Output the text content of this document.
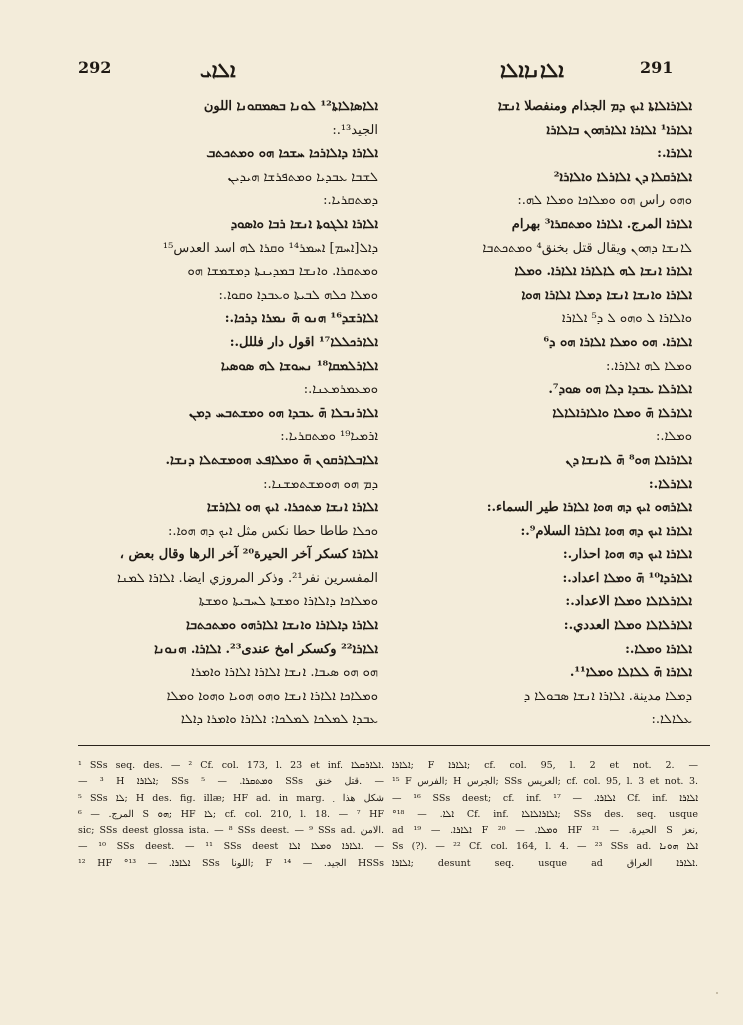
292	ܐܠܐܝ	ܐܠܐܢܐܐܠܐ	291
ܐܠܐܣܐܠܐܬܐ¹² ܠܘܢܐ ܒܣܡܩܘܢܐ اللون
الجيد¹³.:
ܐܠܐܪܐ ܕܐܠܐܪܟܐ ܚܫܟܐ ܗܘ ܘܡܬܟܬܒ
ܠܫܒܐ ܥܒܕܝܐ ܘܡܬܦܪܫܐ ܗܝܕܝܢ
ܕܡܬܩܪܝܐ.:
ܐܠܐܪܐ ܐܠܓܘܬܐ ܐܢܫܐ ܪܒܐ ܘܐܣܘܕ
ܕܐܠ[ܐܚܡ] ܐܚܡܪ¹⁴ ܘܩܪܐ ܠܗ اسد العدس¹⁵
ܘܡܬܩܪܐ. ܘܐܢܫܐ ܒܡܕܝܢܬܐ ܕܡܫܡܫܐ ܗܘ
ܘܡܠܐ ܟܠܗ ܠܒܝܬܐ ܘܥܒܕܐ ܘܩܘܐ.:
ܐܠܐܪܫܕ¹⁶ ܗܢܘ ܗ̄ ܢܡܪܐ ܕܪܟܐ.:
ܐܠܐܪܟܠܠܐ¹⁷ اقول دار فللل.:
ܐܠܐܪܠܡܩܐ¹⁸ ܢܚܘܫܐ ܠܗ ܣܘܣܝܐ
ܘܡܥܡܪܡܥܢܐ.:
ܐܠܐܪܢܒܠܐ ܗ̄ ܥܒܕܐ ܗܘ ܘܡܫܬܒܚ ܕܡܢ
ܐܪܡܝܐ¹⁹ ܘܡܬܩܪܝܐ.:
ܐܠܐܒܠܐܪܩܘܢ ܗ̄ ܘܡܠܐܦܥ ܗܘܡܫܬܠܐ ܕܢܫܐ.
ܕܡ ܗܘ ܗܘܡܫܬܡܫܢܐ.:
ܐܠܐܪܐ ܐܢܫܐ ܡܬܟܪܐ. ܐܝܟ ܗܘ ܐܠܐܪܫܐ
ܘܟܠܐ طاطا حطا نكس مثل ܐܝܟ ܕܗ ܗܘܐ.:
ܐܠܐܪܐ كسكر آخر الحيرة²⁰ آخر الرها وقال بعض ،
المفسرين نفر²¹. وذكر المروزي ايضا. ܐܠܐܪܐ ܠܡܢܐ
ܘܡܠܐܟܐ ܕܐܠܐܪܐ ܘܡܫܬܐ ܠܚܒܝܬܐ ܘܡܫܬܐ
ܐܠܐܪܐ ܕܐܠܐܪܐ ܘܐܢܫܐ ܐܠܐܪܗܘ ܘܡܬܟܬܒܐ
ܐܠܐܪܐ²² وكسكر امخ عندى²³. ܐܠܐܪܐ. ܗܢܘܢܐ
ܗܘ ܗܘ ܣܝܒܐ. ܐܢܫܐ ܐܠܐܪܐ ܐܠܐܪܐ ܘܐܡܪܐ
ܘܡܠܐܟܐ ܐܠܐܪܐ ܐܢܫܐ ܘܗܘ ܗܘܝܐ ܘܗܘܐ ܘܡܠܐ
ܥܒܕܐ ܠܡܠܟܐ ܠܡܠܟܐ: ܐܠܐܪܐ ܘܐܡܪܐ ܕܐܠܐ
ܐܠܐܪܐܠܐܬܐ ܐܝܟ ܕܡ الجذام ومنفصلا ܐܢܫܐ
ܐܠܐܪܐ¹ ܐܠܐܪܐ ܐܠܐܪܗܘܢ ܒܐܠܐܪܐ
ܐܠܐܪܐ.:
ܐܠܐܪܩܠܐ ܕܢ ܐܠܐܪܠܐ ܘܐܠܐܪܐ²
ܘܗܘ راس ܗܘ ܘܡܠܐܟܐ ܘܡܠܐ ܠܗ.:
ܐܠܐܪܐ المرج. ܐܠܐܪܐ ܘܡܬܩܪܐ³ بهرام
ܠܐܢܫܐ ܕܗܘܢ ويقال قتل بخنق⁴ ܘܡܬܟܬܒܐ
ܐܠܐܪܐ ܐܢܫܐ ܠܗ ܠܐܠܐܪܐ ܐܠܐܪܐ. ܘܡܠܐ
ܐܠܐܪܐ ܘܐܢܫܐ ܐܢܫܐ ܕܡܠܐ ܐܠܐܪܐ ܗܘܐ
ܘܐܠܐܪܐ ܠ ܘܗܘ ܠ ܕ⁵ ܐܠܐܪܐ
ܐܠܐܪܐ. ܗܘ ܘܡܠܐ ܐܠܐܪܐ ܗܘ ܕ⁶
ܘܡܠܐ ܠܗ ܐܠܐܪܐ.:
ܐܠܐܪܠܐ ܥܒܕܐ ܕܠܐ ܗܘ ܣܘܕ⁷.
ܐܠܐܪܠܐ ܗ̄ ܘܡܠܐ ܘܐܠܐܪܐܠܐܠܐ
ܘܡܠܐ.:
ܐܠܐܪܐܠܐ ܗܘ⁸ ܗ̄ ܠܐܢܫܐ ܕܢ
ܐܠܐܪܠܐ.:
ܐܠܐܪܗܘ ܐܝܟ ܕܗ ܗܘܐ ܐܠܐܪܐ طير السماء.:
ܐܠܐܪܐ ܐܝܟ ܕܗ ܗܘܐ ܐܠܐܪܐ السلام⁹.:
ܐܠܐܪܐ ܐܝܟ ܕܗ ܗܘܐ احذار.:
ܐܠܐܪܕܐ¹⁰ ܗ̄ ܘܡܠܐ اعداد.:
ܐܠܐܪܠܐܠܐ ܘܡܠܐ الاعداد.:
ܐܠܐܪܠܐܠܐ ܘܡܠܐ العددي.:
ܐܠܐܪܐ ܘܡܠܐ.:
ܐܠܐܪܐ ܗ̄ ܠܠܐܠܐ ܘܡܠܐ¹¹.
ܕܡܠܐ مدينة. ܐܠܐܪܐ ܐܢܫܐ ܣܒܘܠܐ ܕ
ܥܠܐܠܐ.:
¹ SSs seq. des. — ² Cf. col. 173, l. 23 et inf. ܐܠܐܪܩܠܐ.
— ³ H ܐܠܐܪܐ; SSs ܘܡܬܩܪܐ. — ⁵ SSs قتل خنق. —
⁵ SSs ܠܐ; H des. fig. illæ; HF ad. in marg. شكل هذا ܂
المرج. — ⁶ S ܗܘ; HF ܠܐ; cf. col. 210, l. 18. — ⁷ HF
sic; SSs deest glossa ista. — ⁸ SSs deest. — ⁹ SSs ad. الامن.
— ¹⁰ SSs deest. — ¹¹ SSs deest ܐܠܐܪܐ ܘܡܠܐ ܐܠܐ. —
¹² HF °ܐܠܐܪܐ. — ¹³ SSs اللونا; F الجيد. — ¹⁴ HSSs
ܐܠܐܪܐ; F ܐܠܐܪܐ; cf. col. 95, l. 2 et not. 2. —
¹⁵ F الفرس; H الجرس; SSs العريس; cf. col. 95, l. 3 et not. 3.
— ¹⁶ SSs deest; cf. inf. ܐܠܐܪܐ. — ¹⁷ Cf. inf. ܐܠܐܪܐ
°ܐܠܐ. — ¹⁸ Cf. inf. ܐܠܐܪܐܠܐܠܐ; SSs des. seq. usque
ad ܐܠܐܪܐ. — ¹⁹ F ܘܡܠܐ. — ²⁰ HF الحيرة. — ²¹ S نعز,
Ss (?). — ²² Cf. col. 164, l. 4. — ²³ SSs ad. ܐܠܐ ܗܘܢܐ
ܐܠܐܪܐ; desunt seq. usque ad ܐܠܐܪܐ العراق.
